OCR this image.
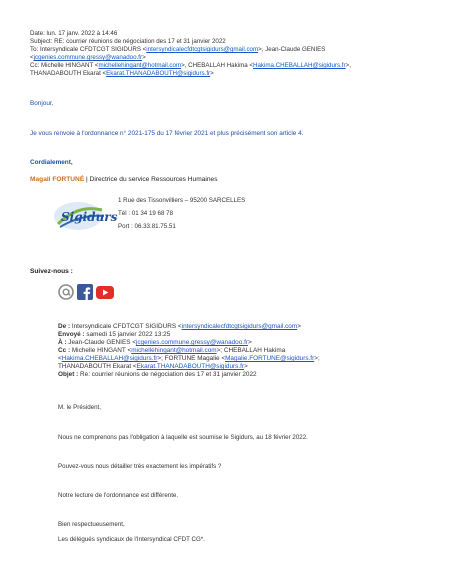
Date: lun. 17 janv. 2022 à 14:46
Subject: RE: courrier réunions de négociation des 17 et 31 janvier 2022
To: Intersyndicale CFDTCGT SIGIDURS <intersyndicalecfdtcgtsigidurs@gmail.com>, Jean-Claude GENIES
<jcgenies.commune.gressy@wanadoo.fr>
Cc: Michelle HINGANT <michellehingant@hotmail.com>, CHEBALLAH Hakima <Hakima.CHEBALLAH@sigidurs.fr>,
THANADABOUTH Ekarat <Ekarat.THANADABOUTH@sigidurs.fr>
Bonjour,
Je vous renvoie à l'ordonnance n° 2021-175 du 17 février 2021 et plus précisément son article 4.
Cordialement,
Magali FORTUNÉ | Directrice du service Ressources Humaines
Sigidurs
1 Rue des Tissonvilliers – 95200 SARCELLES
Tél : 01 34 19 68 78
Port : 06.33.81.75.51
Suivez-nous :
De : Intersyndicale CFDTCGT SIGIDURS <intersyndicalecfdtcgtsigidurs@gmail.com>
Envoyé : samedi 15 janvier 2022 13:25
À : Jean-Claude GENIES <jcgenies.commune.gressy@wanadoo.fr>
Cc : Michelle HINGANT <michellehingant@hotmail.com>; CHEBALLAH Hakima
<Hakima.CHEBALLAH@sigidurs.fr>; FORTUNE Magalie <Magalie.FORTUNE@sigidurs.fr>;
THANADABOUTH Ekarat <Ekarat.THANADABOUTH@sigidurs.fr>
Objet : Re: courrier réunions de négociation des 17 et 31 janvier 2022
M. le Président,
Nous ne comprenons pas l'obligation à laquelle est soumise le Sigidurs, au 18 février 2022.
Pouvez-vous nous détailler très exactement les impératifs ?
Notre lecture de l'ordonnance est différente.
Bien respectueusement,
Les délégués syndicaux de l'Intersyndical CFDT CG*.
